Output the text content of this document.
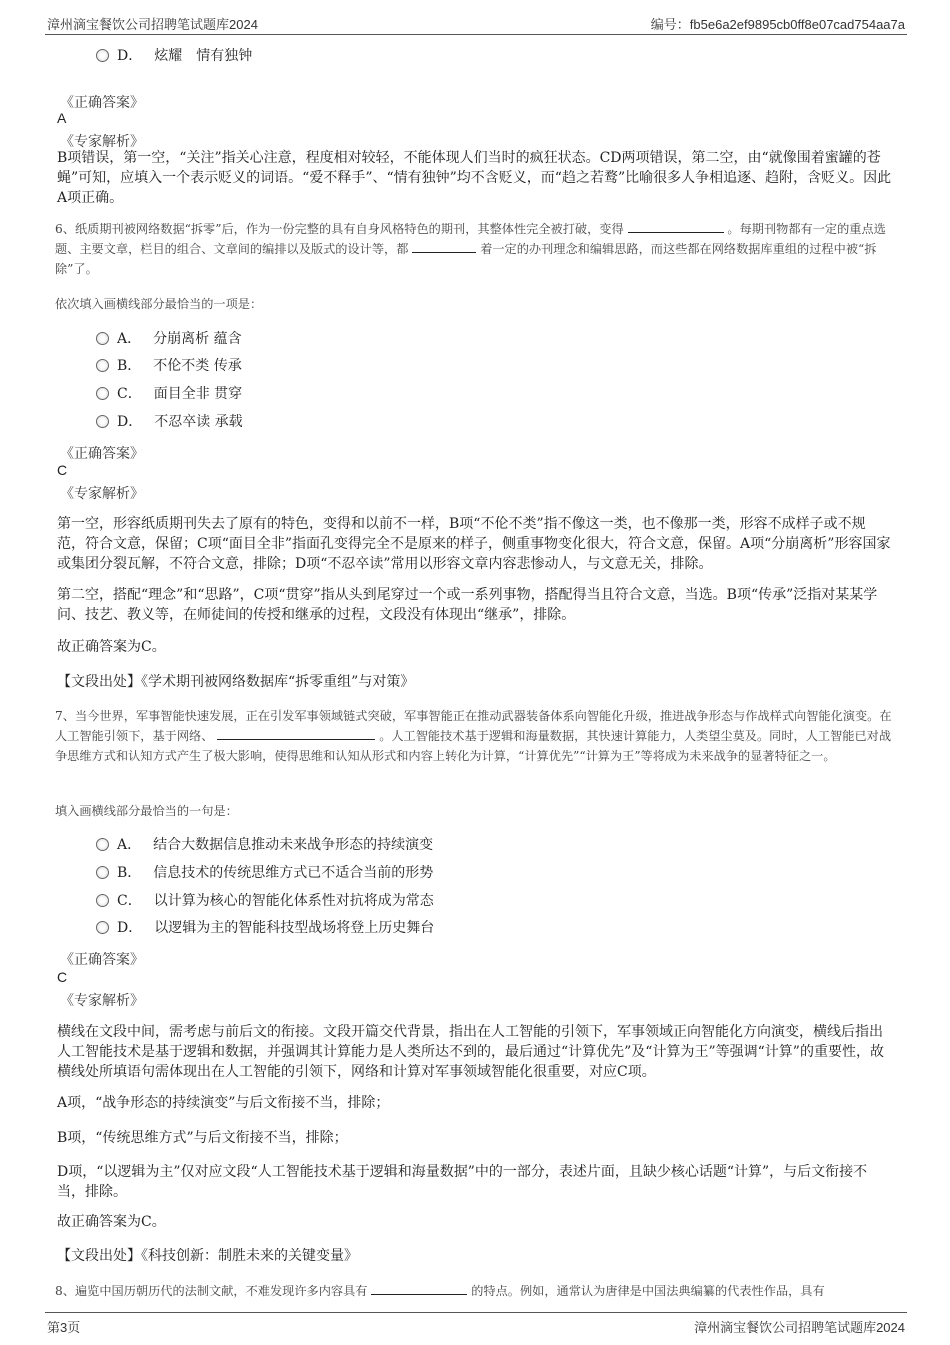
漳州滴宝餐饮公司招聘笔试题库2024	编号：fb5e6a2ef9895cb0ff8e07cad754aa7a
D． 炫耀　情有独钟
《正确答案》
A
《专家解析》
B项错误，第一空，“关注”指关心注意，程度相对较轻，不能体现人们当时的疯狂状态。CD两项错误，第二空，由“就像围着蜜罐的苍蝇”可知，应填入一个表示贬义的词语。“爱不释手”、“情有独钟”均不含贬义，而“趋之若鹜”比喻很多人争相追逐、趋附，含贬义。因此A项正确。
6、纸质期刊被网络数据“拆零”后，作为一份完整的具有自身风格特色的期刊，其整体性完全被打破，变得	。每期刊物都有一定的重点选题、主要文章，栏目的组合、文章间的编排以及版式的设计等，都	着一定的办刊理念和编辑思路，而这些都在网络数据库重组的过程中被“拆除”了。
依次填入画横线部分最恰当的一项是：
A． 分崩离析 蕴含
B． 不伦不类 传承
C． 面目全非 贯穿
D． 不忍卒读 承载
《正确答案》
C
《专家解析》
第一空，形容纸质期刊失去了原有的特色，变得和以前不一样，B项“不伦不类”指不像这一类，也不像那一类，形容不成样子或不规范，符合文意，保留；C项“面目全非”指面孔变得完全不是原来的样子，侧重事物变化很大，符合文意，保留。A项“分崩离析”形容国家或集团分裂瓦解，不符合文意，排除；D项“不忍卒读”常用以形容文章内容悲惨动人，与文意无关，排除。
第二空，搭配“理念”和“思路”，C项“贯穿”指从头到尾穿过一个或一系列事物，搭配得当且符合文意，当选。B项“传承”泛指对某某学问、技艺、教义等，在师徒间的传授和继承的过程，文段没有体现出“继承”，排除。
故正确答案为C。
【文段出处】《学术期刊被网络数据库“拆零重组”与对策》
7、当今世界，军事智能快速发展，正在引发军事领域链式突破，军事智能正在推动武器装备体系向智能化升级，推进战争形态与作战样式向智能化演变。在人工智能引领下，基于网络、	。人工智能技术基于逻辑和海量数据，其快速计算能力，人类望尘莫及。同时，人工智能已对战争思维方式和认知方式产生了极大影响，使得思维和认知从形式和内容上转化为计算，“计算优先”“计算为王”等将成为未来战争的显著特征之一。
填入画横线部分最恰当的一句是：
A． 结合大数据信息推动未来战争形态的持续演变
B． 信息技术的传统思维方式已不适合当前的形势
C． 以计算为核心的智能化体系性对抗将成为常态
D． 以逻辑为主的智能科技型战场将登上历史舞台
《正确答案》
C
《专家解析》
横线在文段中间，需考虑与前后文的衔接。文段开篇交代背景，指出在人工智能的引领下，军事领域正向智能化方向演变，横线后指出人工智能技术是基于逻辑和数据，并强调其计算能力是人类所达不到的，最后通过“计算优先”及“计算为王”等强调“计算”的重要性，故横线处所填语句需体现出在人工智能的引领下，网络和计算对军事领域智能化很重要，对应C项。
A项，“战争形态的持续演变”与后文衔接不当，排除；
B项，“传统思维方式”与后文衔接不当，排除；
D项，“以逻辑为主”仅对应文段“人工智能技术基于逻辑和海量数据”中的一部分，表述片面，且缺少核心话题“计算”，与后文衔接不当，排除。
故正确答案为C。
【文段出处】《科技创新：制胜未来的关键变量》
8、遍览中国历朝历代的法制文献，不难发现许多内容具有	的特点。例如，通常认为唐律是中国法典编纂的代表性作品，具有
第3页	漳州滴宝餐饮公司招聘笔试题库2024
